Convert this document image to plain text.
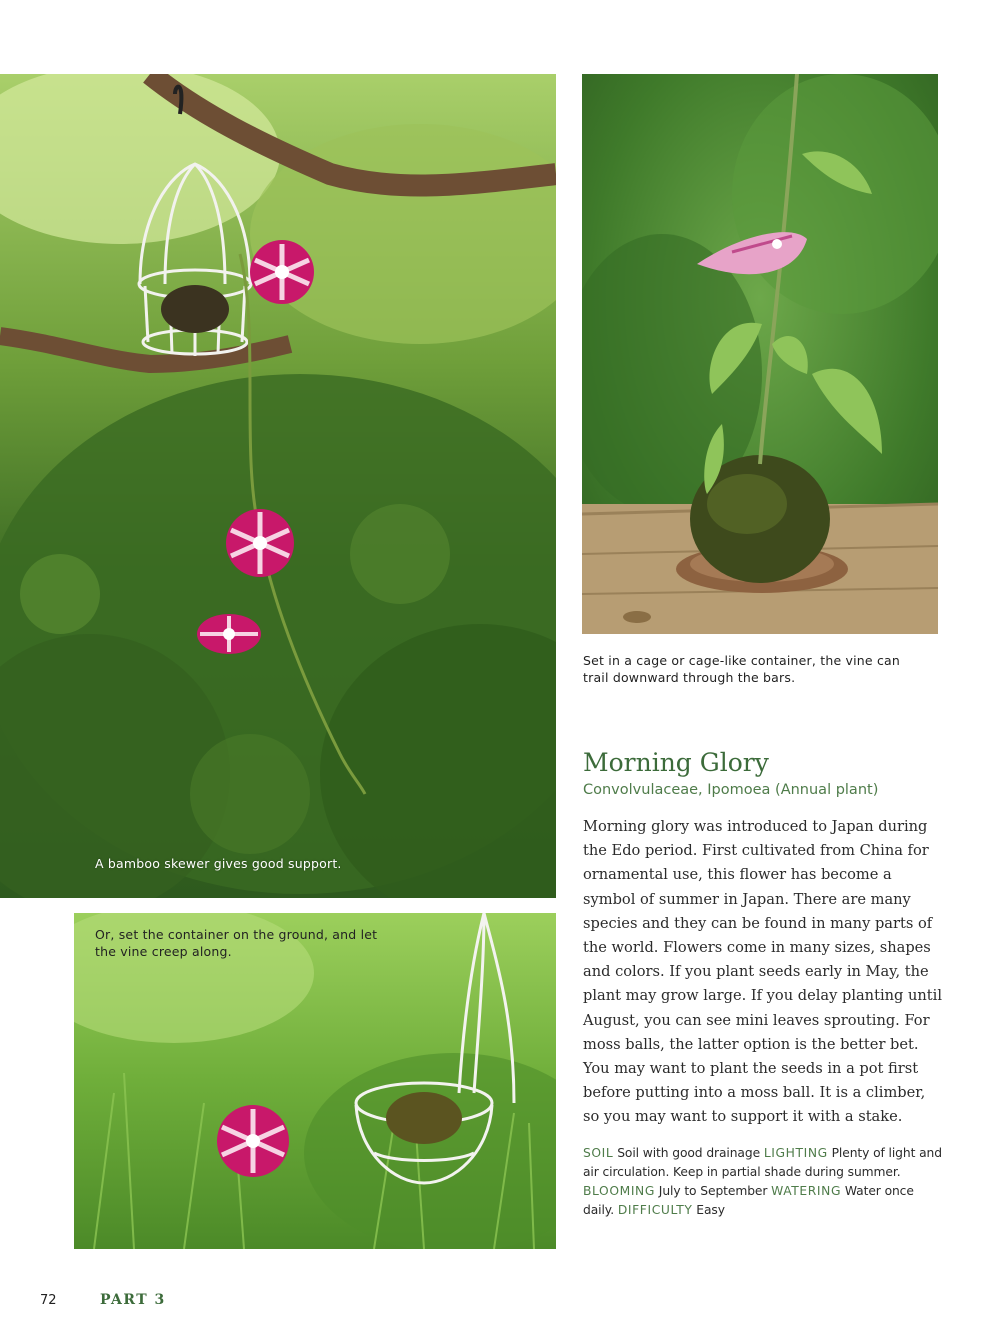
A bamboo skewer gives good support.
Set in a cage or cage-like container, the vine can trail downward through the bars.
Or, set the container on the ground, and let the vine creep along.
Morning Glory
Convolvulaceae, Ipomoea (Annual plant)
Morning glory was introduced to Japan during the Edo period. First cultivated from China for ornamental use, this flower has become a symbol of summer in Japan. There are many species and they can be found in many parts of the world. Flowers come in many sizes, shapes and colors. If you plant seeds early in May, the plant may grow large. If you delay planting until August, you can see mini leaves sprouting. For moss balls, the latter option is the better bet. You may want to plant the seeds in a pot first before putting into a moss ball. It is a climber, so you may want to support it with a stake.
SOIL Soil with good drainage LIGHTING Plenty of light and air circulation. Keep in partial shade during summer. BLOOMING July to September WATERING Water once daily. DIFFICULTY Easy
72	PART 3
